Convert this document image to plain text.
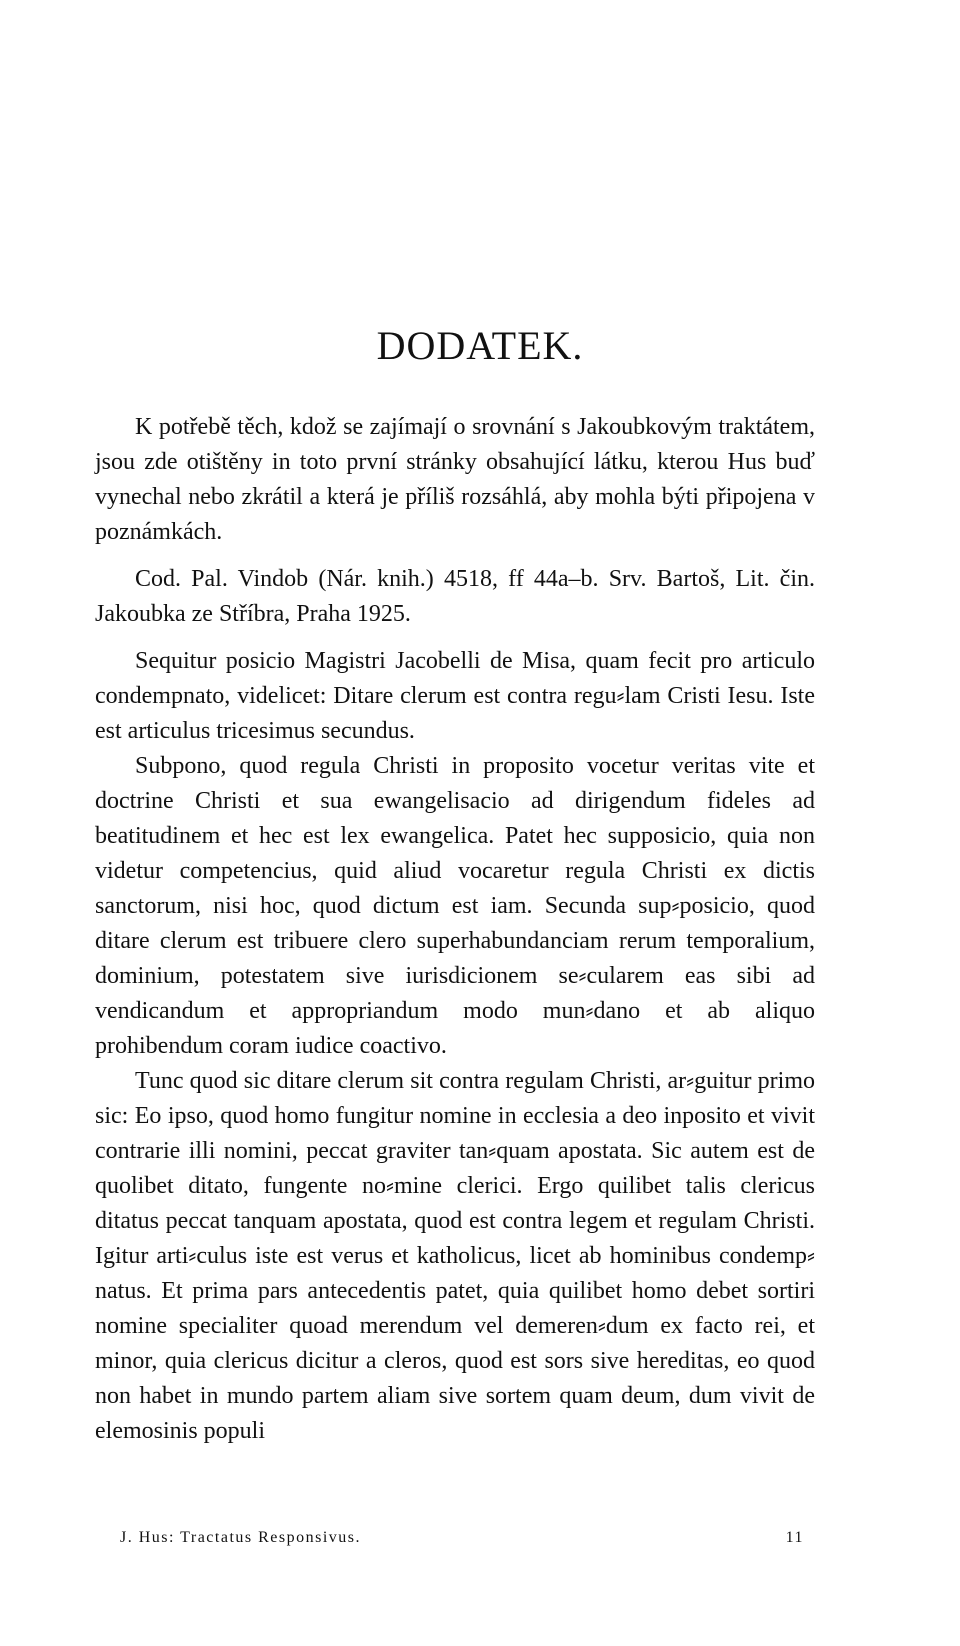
DODATEK.

K potřebě těch, kdož se zajímají o srovnání s Jakoubkovým traktátem, jsou zde otištěny in toto první stránky obsahující látku, kterou Hus buď vynechal nebo zkrátil a která je příliš rozsáhlá, aby mohla býti připojena v poznámkách.

Cod. Pal. Vindob (Nár. knih.) 4518, ff 44a–b. Srv. Bartoš, Lit. čin. Jakoubka ze Stříbra, Praha 1925.

Sequitur posicio Magistri Jacobelli de Misa, quam fecit pro articulo condempnato, videlicet: Ditare clerum est contra regu⸗lam Cristi Iesu. Iste est articulus tricesimus secundus.

Subpono, quod regula Christi in proposito vocetur veritas vite et doctrine Christi et sua ewangelisacio ad dirigendum fideles ad beatitudinem et hec est lex ewangelica. Patet hec supposicio, quia non videtur competencius, quid aliud vocaretur regula Christi ex dictis sanctorum, nisi hoc, quod dictum est iam. Secunda sup⸗posicio, quod ditare clerum est tribuere clero superhabundanciam rerum temporalium, dominium, potestatem sive iurisdicionem se⸗cularem eas sibi ad vendicandum et appropriandum modo mun⸗dano et ab aliquo prohibendum coram iudice coactivo.

Tunc quod sic ditare clerum sit contra regulam Christi, ar⸗guitur primo sic: Eo ipso, quod homo fungitur nomine in ecclesia a deo inposito et vivit contrarie illi nomini, peccat graviter tan⸗quam apostata. Sic autem est de quolibet ditato, fungente no⸗mine clerici. Ergo quilibet talis clericus ditatus peccat tanquam apostata, quod est contra legem et regulam Christi. Igitur arti⸗culus iste est verus et katholicus, licet ab hominibus condemp⸗natus. Et prima pars antecedentis patet, quia quilibet homo debet sortiri nomine specialiter quoad merendum vel demeren⸗dum ex facto rei, et minor, quia clericus dicitur a cleros, quod est sors sive hereditas, eo quod non habet in mundo partem aliam sive sortem quam deum, dum vivit de elemosinis populi

J. Hus: Tractatus Responsivus.	11
